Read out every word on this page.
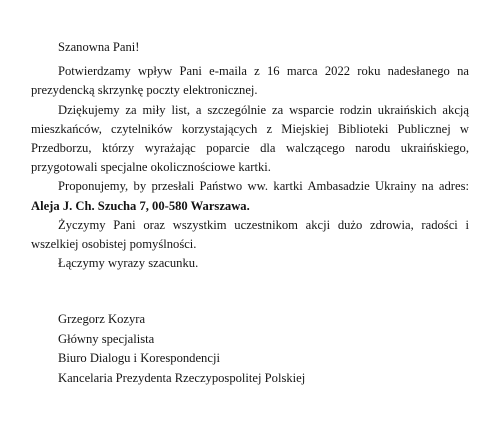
Szanowna Pani!

Potwierdzamy wpływ Pani e-maila z 16 marca 2022 roku nadesłanego na prezydencką skrzynkę poczty elektronicznej.

Dziękujemy za miły list, a szczególnie za wsparcie rodzin ukraińskich akcją mieszkańców, czytelników korzystających z Miejskiej Biblioteki Publicznej w Przedborzu, którzy wyrażając poparcie dla walczącego narodu ukraińskiego, przygotowali specjalne okolicznościowe kartki.

Proponujemy, by przesłali Państwo ww. kartki Ambasadzie Ukrainy na adres: Aleja J. Ch. Szucha 7, 00-580 Warszawa.

Życzymy Pani oraz wszystkim uczestnikom akcji dużo zdrowia, radości i wszelkiej osobistej pomyślności.

Łączymy wyrazy szacunku.

Grzegorz Kozyra
Główny specjalista
Biuro Dialogu i Korespondencji
Kancelaria Prezydenta Rzeczypospolitej Polskiej
